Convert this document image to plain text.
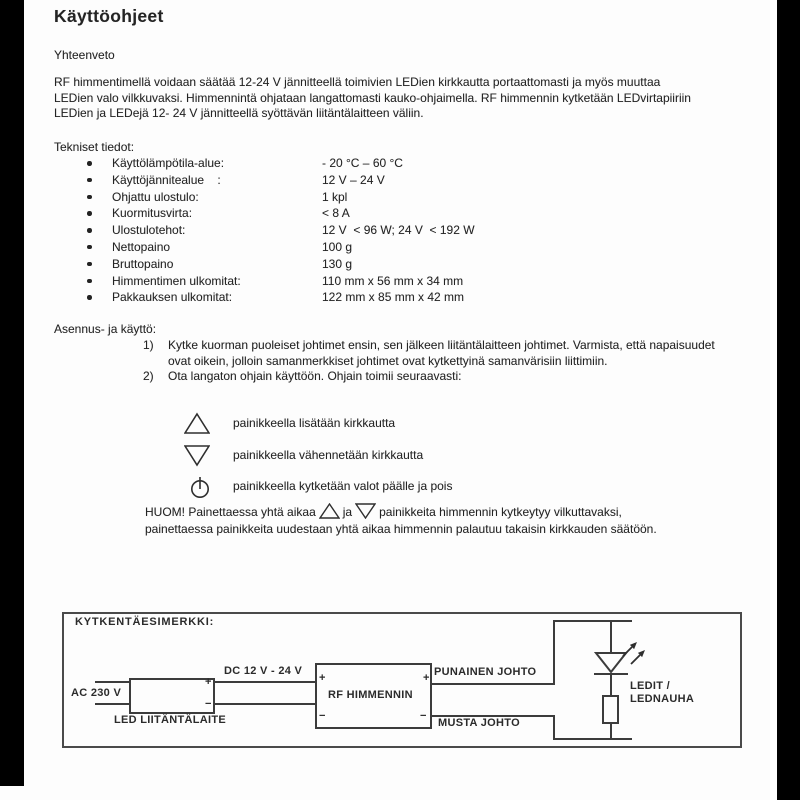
Käyttöohjeet
Yhteenveto
RF himmentimellä voidaan säätää 12-24 V jännitteellä toimivien LEDien kirkkautta portaattomasti ja myös muuttaa LEDien valo vilkkuvaksi. Himmennintä ohjataan langattomasti kauko-ohjaimella. RF himmennin kytketään LEDvirtapiiriin LEDien ja LEDejä 12- 24 V jännitteellä syöttävän liitäntälaitteen väliin.
Tekniset tiedot:
Käyttölämpötila-alue:	- 20 °C – 60 °C
Käyttöjännitealue    :	12 V – 24 V
Ohjattu ulostulo:	1 kpl
Kuormitusvirta:	< 8 A
Ulostulotehot:	12 V  < 96 W; 24 V  < 192 W
Nettopaino	100 g
Bruttopaino	130 g
Himmentimen ulkomitat:	110 mm x 56 mm x 34 mm
Pakkauksen ulkomitat:	122 mm x 85 mm x 42 mm
Asennus- ja käyttö:
1)	Kytke kuorman puoleiset johtimet ensin, sen jälkeen liitäntälaitteen johtimet. Varmista, että napaisuudet ovat oikein, jolloin samanmerkkiset johtimet ovat kytkettyinä samanvärisiin liittimiin.
2)	Ota langaton ohjain käyttöön. Ohjain toimii seuraavasti:
painikkeella lisätään kirkkautta
painikkeella vähennetään kirkkautta
painikkeella kytketään valot päälle ja pois
HUOM! Painettaessa yhtä aikaa ja painikkeita himmennin kytkeytyy vilkuttavaksi, painettaessa painikkeita uudestaan yhtä aikaa himmennin palautuu takaisin kirkkauden säätöön.
KYTKENTÄESIMERKKI:
AC 230 V
+
−
LED LIITÄNTÄLAITE
DC 12 V - 24 V
+	+
RF HIMMENNIN
−	−
PUNAINEN JOHTO
MUSTA JOHTO
LEDIT /
LEDNAUHA
